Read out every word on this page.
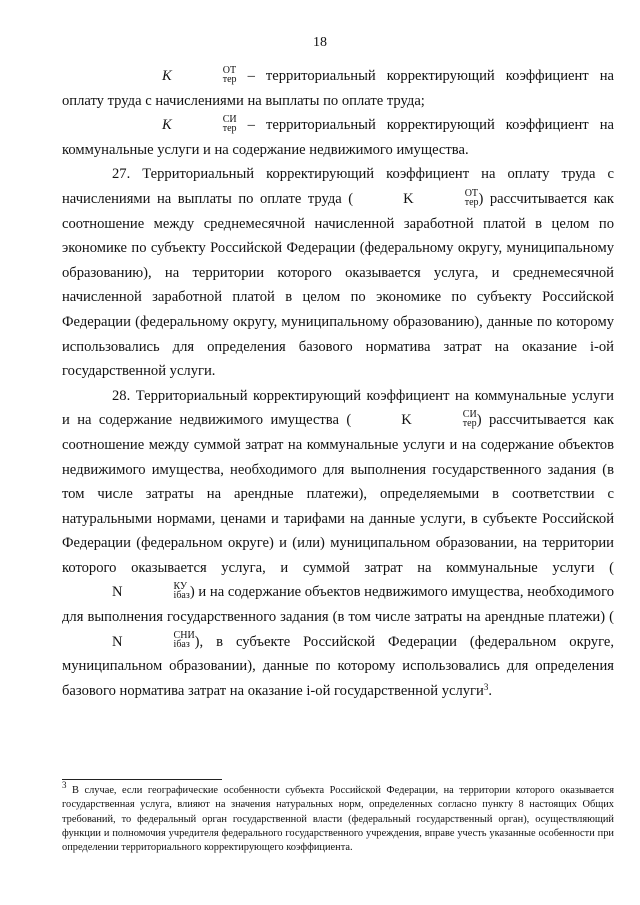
18

K	ОТ
тер – территориальный корректирующий коэффициент на оплату труда с начислениями на выплаты по оплате труда;

K	СИ
тер – территориальный корректирующий коэффициент на коммунальные услуги и на содержание недвижимого имущества.

27. Территориальный корректирующий коэффициент на оплату труда с начислениями на выплаты по оплате труда (	K	ОТ
тер ) рассчитывается как соотношение между среднемесячной начисленной заработной платой в целом по экономике по субъекту Российской Федерации (федеральному округу, муниципальному образованию), на территории которого оказывается услуга, и среднемесячной начисленной заработной платой в целом по экономике по субъекту Российской Федерации (федеральному округу, муниципальному образованию), данные по которому использовались для определения базового норматива затрат на оказание i-ой государственной услуги.

28. Территориальный корректирующий коэффициент на коммунальные услуги и на содержание недвижимого имущества (	K	СИ
тер ) рассчитывается как соотношение между суммой затрат на коммунальные услуги и на содержание объектов недвижимого имущества, необходимого для выполнения государственного задания (в том числе затраты на арендные платежи), определяемыми в соответствии с натуральными нормами, ценами и тарифами на данные услуги, в субъекте Российской Федерации (федеральном округе) и (или) муниципальном образовании, на территории которого оказывается услуга, и суммой затрат на коммунальные услуги (N	КУ
iбаз ) и на содержание объектов недвижимого имущества, необходимого для выполнения государственного задания (в том числе затраты на арендные платежи) (N	СНИ
iбаз ), в субъекте Российской Федерации (федеральном округе, муниципальном образовании), данные по которому использовались для определения базового норматива затрат на оказание i-ой государственной услуги$^3$.

$^3$ В случае, если географические особенности субъекта Российской Федерации, на территории которого оказывается государственная услуга, влияют на значения натуральных норм, определенных согласно пункту 8 настоящих Общих требований, то федеральный орган государственной власти (федеральный государственный орган), осуществляющий функции и полномочия учредителя федерального государственного учреждения, вправе учесть указанные особенности при определении территориального корректирующего коэффициента.
